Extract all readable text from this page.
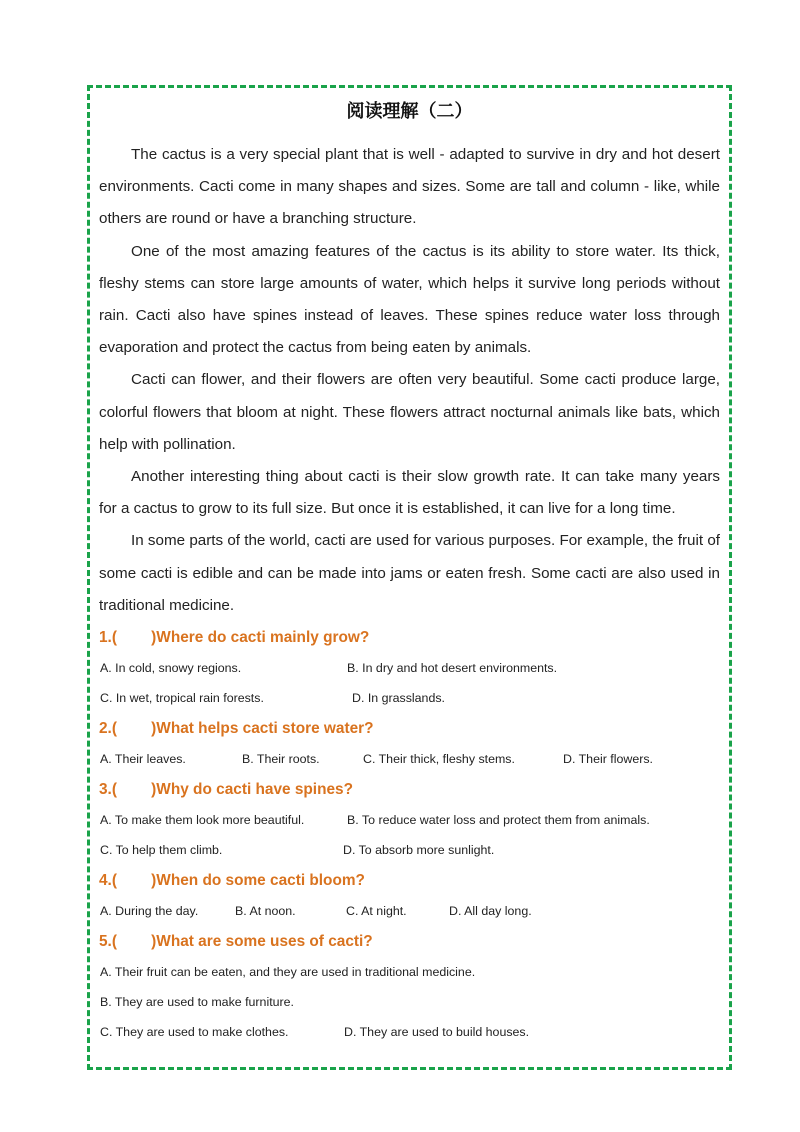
阅读理解（二）

The cactus is a very special plant that is well - adapted to survive in dry and hot desert environments. Cacti come in many shapes and sizes. Some are tall and column - like, while others are round or have a branching structure.

One of the most amazing features of the cactus is its ability to store water. Its thick, fleshy stems can store large amounts of water, which helps it survive long periods without rain. Cacti also have spines instead of leaves. These spines reduce water loss through evaporation and protect the cactus from being eaten by animals.

Cacti can flower, and their flowers are often very beautiful. Some cacti produce large, colorful flowers that bloom at night. These flowers attract nocturnal animals like bats, which help with pollination.

Another interesting thing about cacti is their slow growth rate. It can take many years for a cactus to grow to its full size. But once it is established, it can live for a long time.

In some parts of the world, cacti are used for various purposes. For example, the fruit of some cacti is edible and can be made into jams or eaten fresh. Some cacti are also used in traditional medicine.

1.(        )Where do cacti mainly grow?
A. In cold, snowy regions.	B. In dry and hot desert environments.
C. In wet, tropical rain forests.	D. In grasslands.
2.(        )What helps cacti store water?
A. Their leaves.	B. Their roots.	C. Their thick, fleshy stems.	D. Their flowers.
3.(        )Why do cacti have spines?
A. To make them look more beautiful.	B. To reduce water loss and protect them from animals.
C. To help them climb.	D. To absorb more sunlight.
4.(        )When do some cacti bloom?
A. During the day.	B. At noon.	C. At night.	D. All day long.
5.(        )What are some uses of cacti?
A. Their fruit can be eaten, and they are used in traditional medicine.
B. They are used to make furniture.
C. They are used to make clothes.	D. They are used to build houses.
